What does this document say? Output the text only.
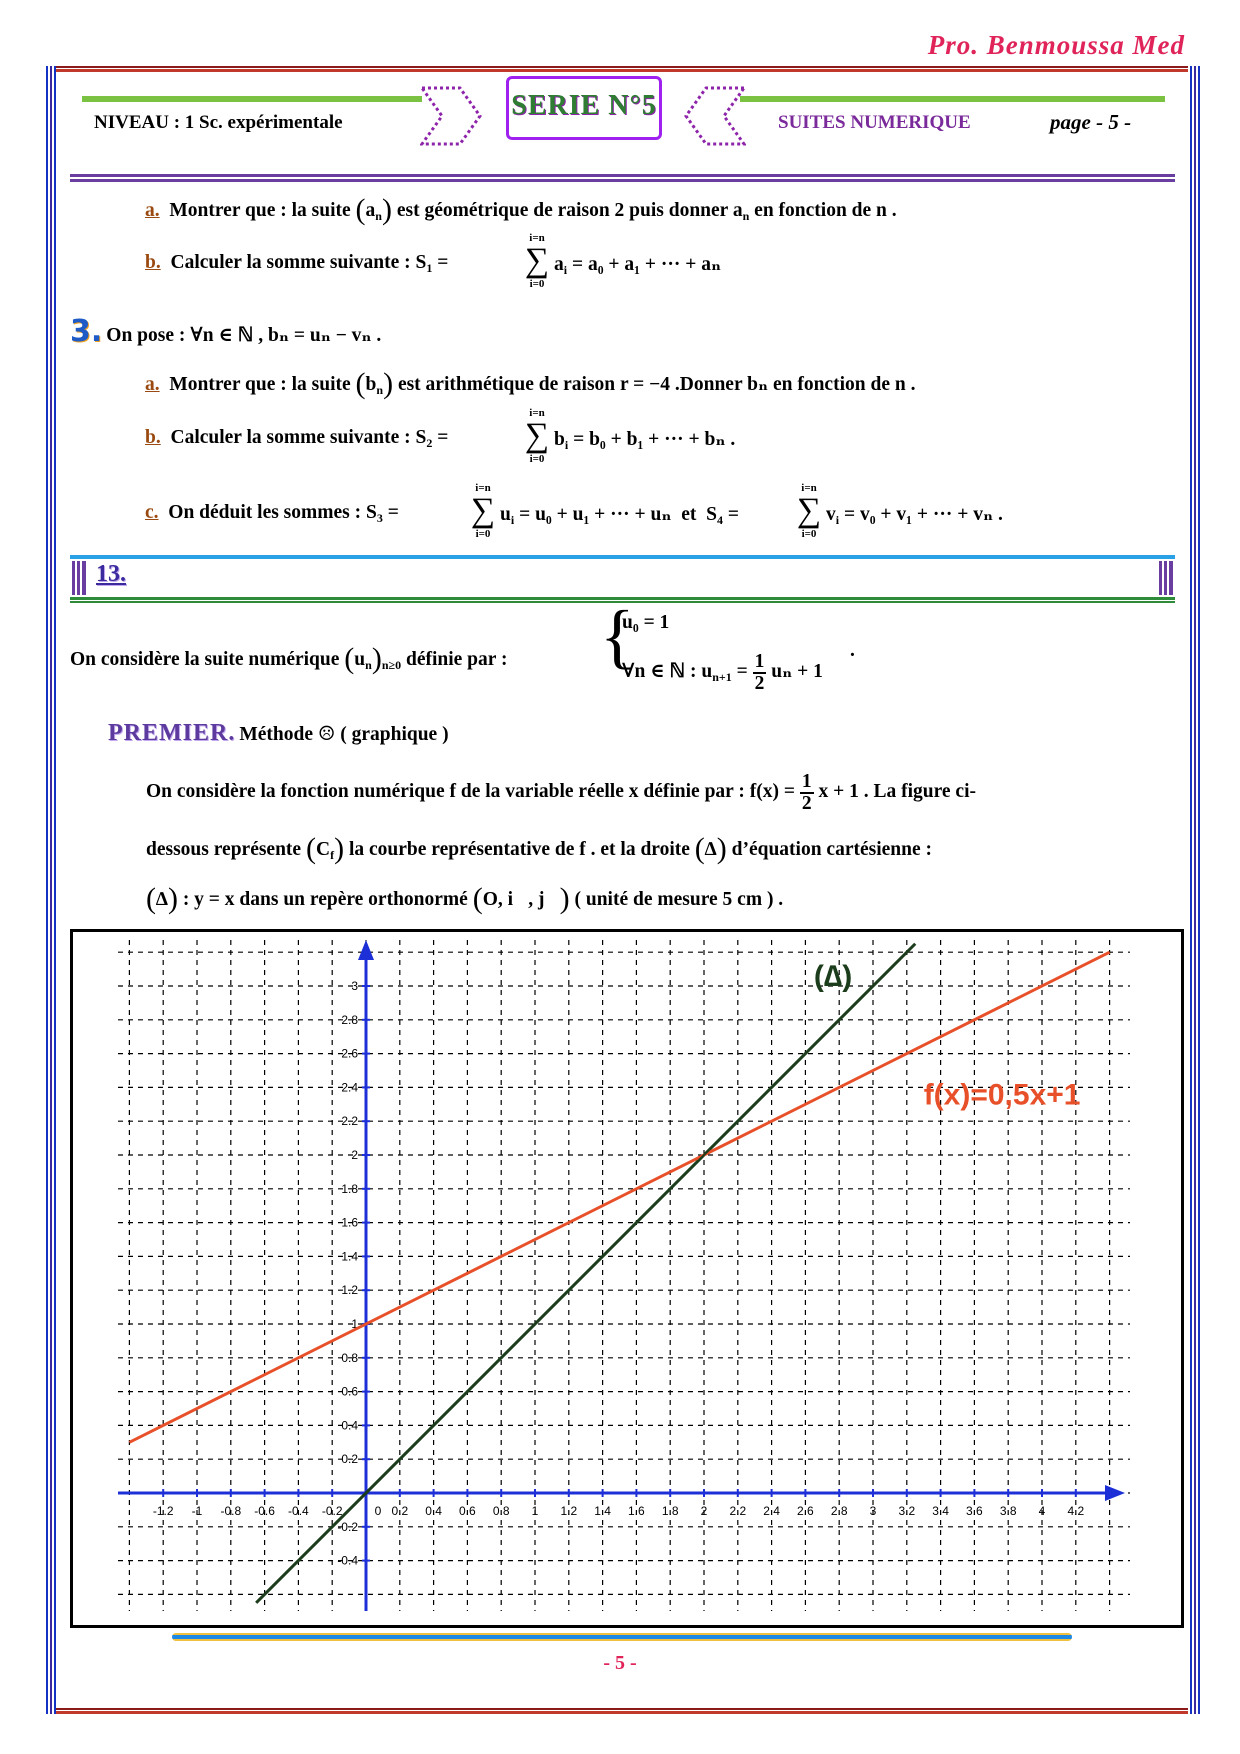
Pro. Benmoussa Med
NIVEAU : 1 Sc. expérimentale
SERIE N°5
SUITES NUMERIQUE	page - 5 -
a. Montrer que : la suite $(a_n)$ est géométrique de raison 2 puis donner $a_n$ en fonction de n .
b. Calculer la somme suivante : $S_1$ =
i=n
∑
i=0
$a_i = a_0 + a_1$ + ··· + aₙ
3. On pose : ∀n ∈ ℕ , bₙ = uₙ − vₙ .
a. Montrer que : la suite $(b_n)$ est arithmétique de raison r = −4 .Donner bₙ en fonction de n .
b. Calculer la somme suivante : $S_2$ =
i=n
∑
i=0
$b_i = b_0 + b_1$ + ··· + bₙ .
c. On déduit les sommes : $S_3$ =
i=n
∑
i=0
$u_i = u_0 + u_1$ + ··· + uₙ et $S_4$ =
i=n
∑
i=0
$v_i = v_0 + v_1$ + ··· + vₙ .
13.
On considère la suite numérique $(u_n)_{n\ge 0}$ définie par : {
u₀ = 1
∀n ∈ ℕ : $u_{n+1} = \frac{1}{2}$ uₙ + 1
.
PREMIER. Méthode ☹ ( graphique )
On considère la fonction numérique f de la variable réelle x définie par : $f(x) = \frac{1}{2}$ x + 1 . La figure ci-
dessous représente $(C_f)$ la courbe représentative de f . et la droite (∆) d’équation cartésienne :
(∆) : y = x dans un repère orthonormé (O, i⃗, j⃗) ( unité de mesure 5 cm ) .
-1.2 -1 -0.8 -0.6 -0.4 -0.2	0 0.2 0.4 0.6 0.8 1 1.2 1.4 1.6 1.8 2 2.2 2.4 2.6 2.8 3 3.2 3.4 3.6 3.8 4 4.2
-0.4
-0.2
0.2
0.4
0.6
0.8
1
1.2
1.4
1.6
1.8
2
2.2
2.4
2.6
2.8
3	(∆)
f(x)=0,5x+1
- 5 -
